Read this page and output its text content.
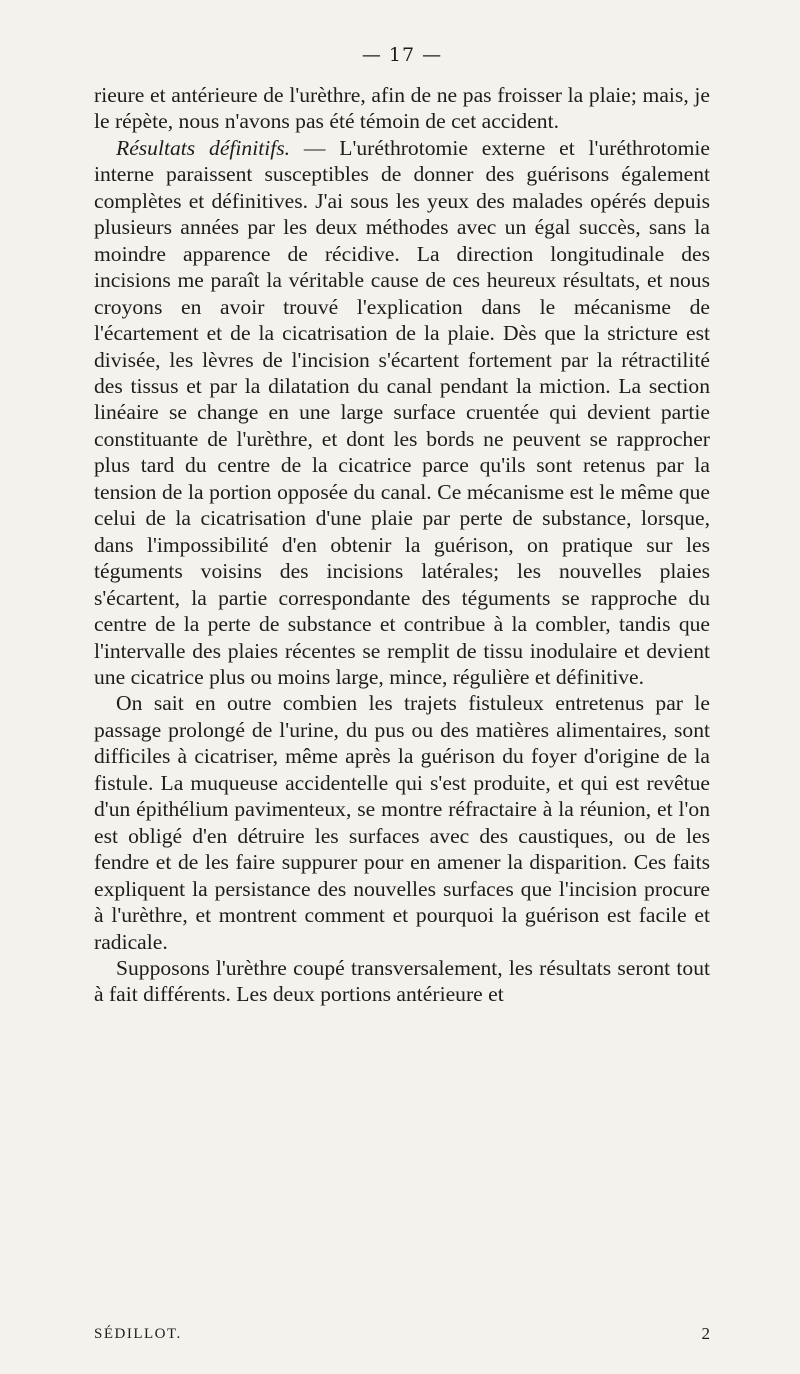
— 17 —

rieure et antérieure de l'urèthre, afin de ne pas froisser la plaie; mais, je le répète, nous n'avons pas été témoin de cet accident.

Résultats définitifs. — L'uréthrotomie externe et l'uréthrotomie interne paraissent susceptibles de donner des guérisons également complètes et définitives. J'ai sous les yeux des malades opérés depuis plusieurs années par les deux méthodes avec un égal succès, sans la moindre apparence de récidive. La direction longitudinale des incisions me paraît la véritable cause de ces heureux résultats, et nous croyons en avoir trouvé l'explication dans le mécanisme de l'écartement et de la cicatrisation de la plaie. Dès que la stricture est divisée, les lèvres de l'incision s'écartent fortement par la rétractilité des tissus et par la dilatation du canal pendant la miction. La section linéaire se change en une large surface cruentée qui devient partie constituante de l'urèthre, et dont les bords ne peuvent se rapprocher plus tard du centre de la cicatrice parce qu'ils sont retenus par la tension de la portion opposée du canal. Ce mécanisme est le même que celui de la cicatrisation d'une plaie par perte de substance, lorsque, dans l'impossibilité d'en obtenir la guérison, on pratique sur les téguments voisins des incisions latérales; les nouvelles plaies s'écartent, la partie correspondante des téguments se rapproche du centre de la perte de substance et contribue à la combler, tandis que l'intervalle des plaies récentes se remplit de tissu inodulaire et devient une cicatrice plus ou moins large, mince, régulière et définitive.

On sait en outre combien les trajets fistuleux entretenus par le passage prolongé de l'urine, du pus ou des matières alimentaires, sont difficiles à cicatriser, même après la guérison du foyer d'origine de la fistule. La muqueuse accidentelle qui s'est produite, et qui est revêtue d'un épithélium pavimenteux, se montre réfractaire à la réunion, et l'on est obligé d'en détruire les surfaces avec des caustiques, ou de les fendre et de les faire suppurer pour en amener la disparition. Ces faits expliquent la persistance des nouvelles surfaces que l'incision procure à l'urèthre, et montrent comment et pourquoi la guérison est facile et radicale.

Supposons l'urèthre coupé transversalement, les résultats seront tout à fait différents. Les deux portions antérieure et

SÉDILLOT.	2
